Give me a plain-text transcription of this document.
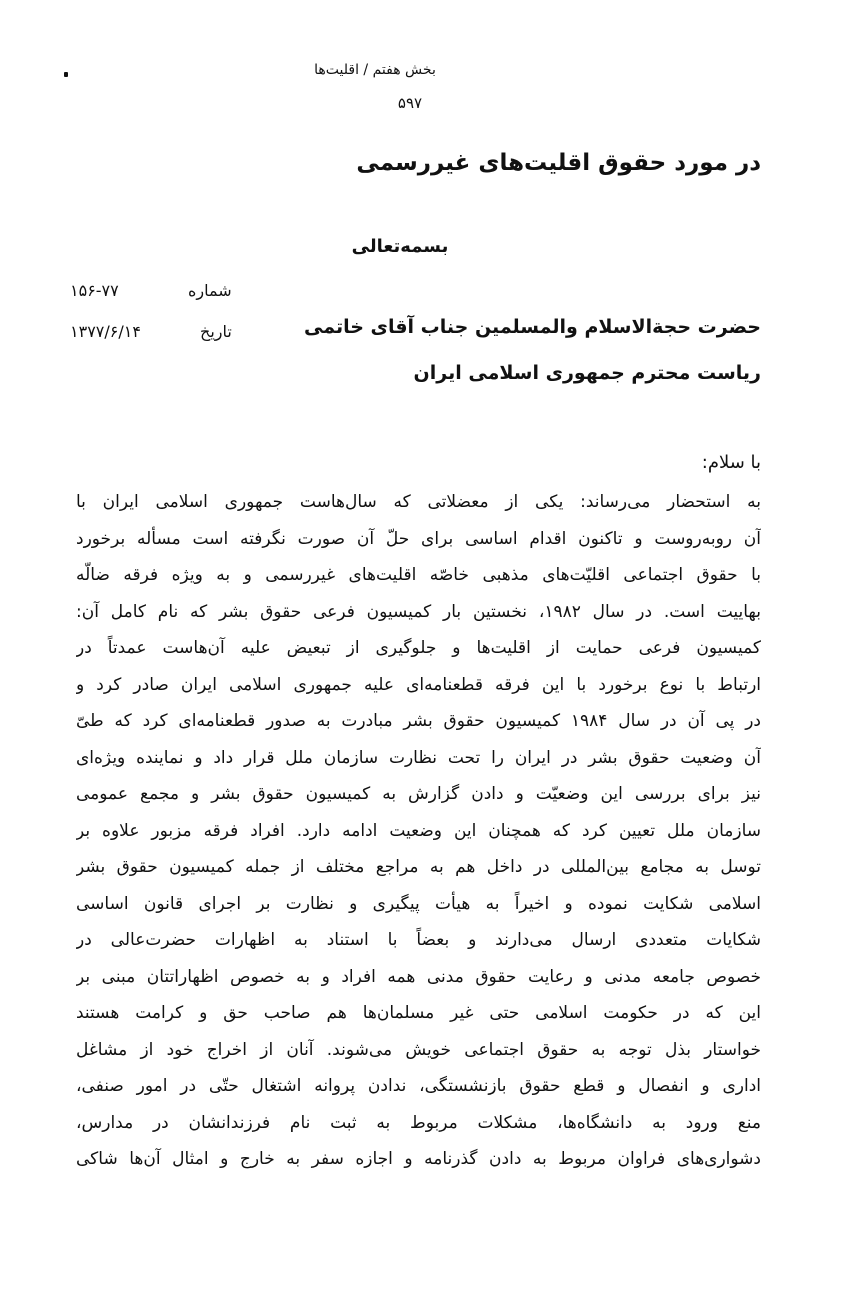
بخش هفتم / اقلیت‌ها
۵۹۷
در مورد حقوق اقلیت‌های غیررسمی
بسمه‌تعالی
شماره
۱۵۶-۷۷
تاریخ
۱۳۷۷/۶/۱۴	حضرت حجةالاسلام والمسلمین جناب آقای خاتمی
ریاست محترم جمهوری اسلامی ایران
با سلام:
به استحضار می‌رساند: یکی از معضلاتی که سال‌هاست جمهوری اسلامی ایران با
آن روبه‌روست و تاکنون اقدام اساسی برای حلّ آن صورت نگرفته است مسأله برخورد
با حقوق اجتماعی اقلیّت‌های مذهبی خاصّه اقلیت‌های غیررسمی و به ویژه فرقه ضالّه
بهاییت است. در سال ۱۹۸۲، نخستین بار کمیسیون فرعی حقوق بشر که نام کامل آن:
کمیسیون فرعی حمایت از اقلیت‌ها و جلوگیری از تبعیض علیه آن‌هاست عمدتاً در
ارتباط با نوع برخورد با این فرقه قطعنامه‌ای علیه جمهوری اسلامی ایران صادر کرد و
در پی آن در سال ۱۹۸۴ کمیسیون حقوق بشر مبادرت به صدور قطعنامه‌ای کرد که طیّ
آن وضعیت حقوق بشر در ایران را تحت نظارت سازمان ملل قرار داد و نماینده ویژه‌ای
نیز برای بررسی این وضعیّت و دادن گزارش به کمیسیون حقوق بشر و مجمع عمومی
سازمان ملل تعیین کرد که همچنان این وضعیت ادامه دارد. افراد فرقه مزبور علاوه بر
توسل به مجامع بین‌المللی در داخل هم به مراجع مختلف از جمله کمیسیون حقوق بشر
اسلامی شکایت نموده و اخیراً به هیأت پیگیری و نظارت بر اجرای قانون اساسی
شکایات متعددی ارسال می‌دارند و بعضاً با استناد به اظهارات حضرت‌عالی در
خصوص جامعه مدنی و رعایت حقوق مدنی همه افراد و به خصوص اظهاراتتان مبنی بر
این که در حکومت اسلامی حتی غیر مسلمان‌ها هم صاحب حق و کرامت هستند
خواستار بذل توجه به حقوق اجتماعی خویش می‌شوند. آنان از اخراج خود از مشاغل
اداری و انفصال و قطع حقوق بازنشستگی، ندادن پروانه اشتغال حتّی در امور صنفی،
منع ورود به دانشگاه‌ها، مشکلات مربوط به ثبت نام فرزندانشان در مدارس،
دشواری‌های فراوان مربوط به دادن گذرنامه و اجازه سفر به خارج و امثال آن‌ها شاکی
